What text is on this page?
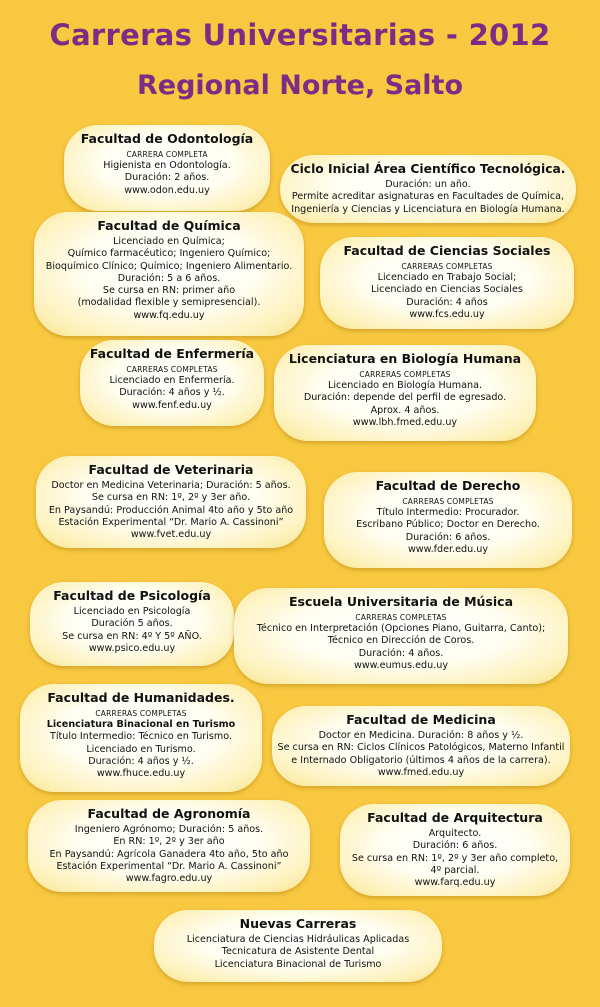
Carreras Universitarias - 2012
Regional Norte, Salto
Facultad de Odontología
CARRERA COMPLETA
Higienista en Odontología.
Duración: 2 años.
www.odon.edu.uy
Ciclo Inicial Área Científico Tecnológica.
Duración: un año.
Permite acreditar asignaturas en Facultades de Química,
Ingeniería y Ciencias y Licenciatura en Biología Humana.
Facultad de Química
Licenciado en Química;
Químico farmacéutico; Ingeniero Químico;
Bioquímico Clínico; Químico; Ingeniero Alimentario.
Duración: 5 a 6 años.
Se cursa en RN: primer año
(modalidad flexible y semipresencial).
www.fq.edu.uy
Facultad de Ciencias Sociales
CARRERAS COMPLETAS
Licenciado en Trabajo Social;
Licenciado en Ciencias Sociales
Duración: 4 años
www.fcs.edu.uy
Facultad de Enfermería
CARRERAS COMPLETAS
Licenciado en Enfermería.
Duración: 4 años y ½.
www.fenf.edu.uy
Licenciatura en Biología Humana
CARRERAS COMPLETAS
Licenciado en Biología Humana.
Duración: depende del perfil de egresado.
Aprox. 4 años.
www.lbh.fmed.edu.uy
Facultad de Veterinaria
Doctor en Medicina Veterinaria; Duración: 5 años.
Se cursa en RN: 1º, 2º y 3er año.
En Paysandú: Producción Animal 4to año y 5to año
Estación Experimental “Dr. Mario A. Cassinoni”
www.fvet.edu.uy
Facultad de Derecho
CARRERAS COMPLETAS
Título Intermedio: Procurador.
Escribano Público; Doctor en Derecho.
Duración: 6 años.
www.fder.edu.uy
Facultad de Psicología
Licenciado en Psicología
Duración 5 años.
Se cursa en RN: 4º Y 5º AÑO.
www.psico.edu.uy
Escuela Universitaria de Música
CARRERAS COMPLETAS
Técnico en Interpretación (Opciones Piano, Guitarra, Canto);
Técnico en Dirección de Coros.
Duración: 4 años.
www.eumus.edu.uy
Facultad de Humanidades.
CARRERAS COMPLETAS
Licenciatura Binacional en Turismo
Título Intermedio: Técnico en Turismo.
Licenciado en Turismo.
Duración: 4 años y ½.
www.fhuce.edu.uy
Facultad de Medicina
Doctor en Medicina. Duración: 8 años y ½.
Se cursa en RN: Ciclos Clínicos Patológicos, Materno Infantil
e Internado Obligatorio (últimos 4 años de la carrera).
www.fmed.edu.uy
Facultad de Agronomía
Ingeniero Agrónomo; Duración: 5 años.
En RN: 1º, 2º y 3er año
En Paysandú: Agrícola Ganadera 4to año, 5to año
Estación Experimental “Dr. Mario A. Cassinoni”
www.fagro.edu.uy
Facultad de Arquitectura
Arquitecto.
Duración: 6 años.
Se cursa en RN: 1º, 2º y 3er año completo,
4º parcial.
www.farq.edu.uy
Nuevas Carreras
Licenciatura de Ciencias Hidráulicas Aplicadas
Tecnicatura de Asistente Dental
Licenciatura Binacional de Turismo
